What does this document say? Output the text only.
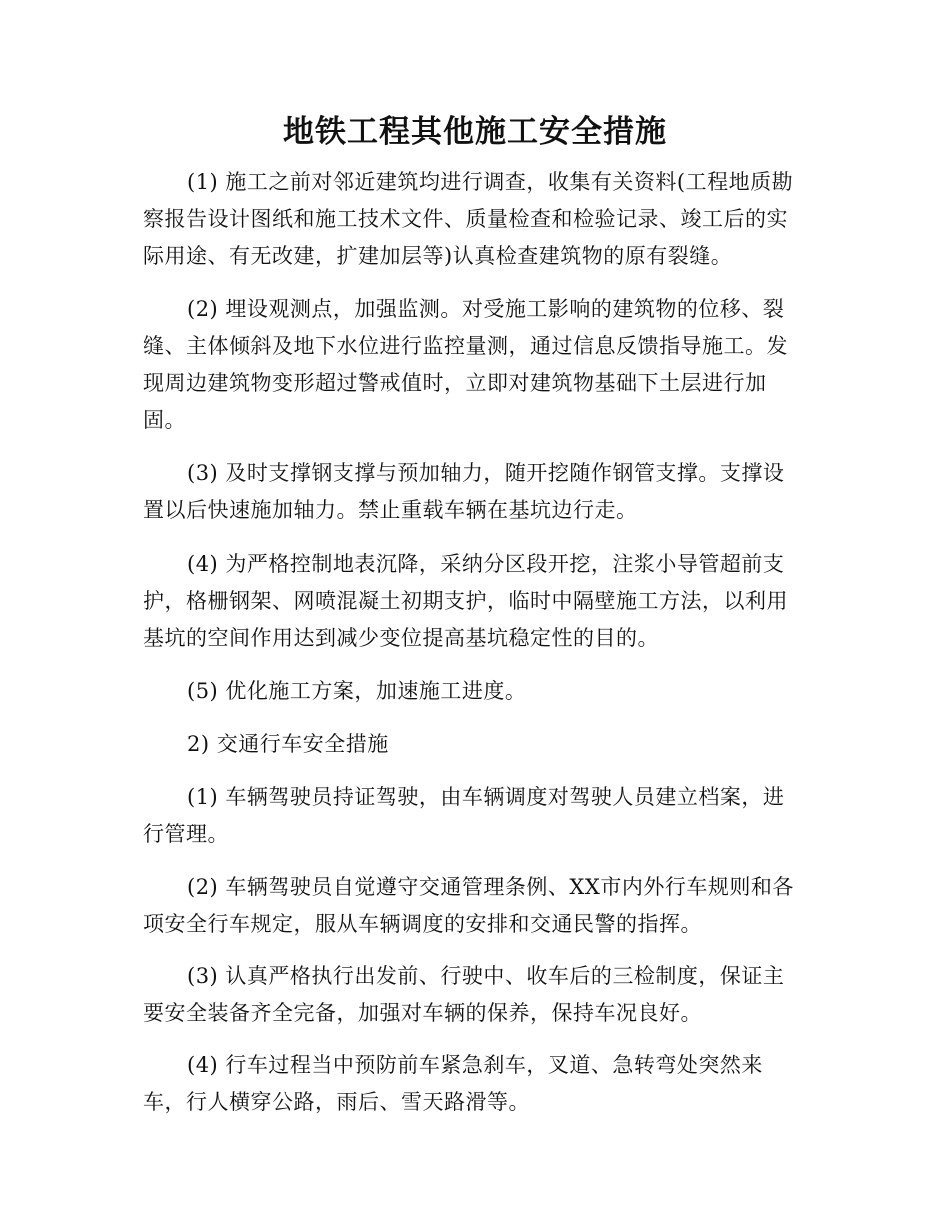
地铁工程其他施工安全措施

(1) 施工之前对邻近建筑均进行调查，收集有关资料(工程地质勘察报告设计图纸和施工技术文件、质量检查和检验记录、竣工后的实际用途、有无改建，扩建加层等)认真检查建筑物的原有裂缝。

(2) 埋设观测点，加强监测。对受施工影响的建筑物的位移、裂缝、主体倾斜及地下水位进行监控量测，通过信息反馈指导施工。发现周边建筑物变形超过警戒值时，立即对建筑物基础下土层进行加固。

(3) 及时支撑钢支撑与预加轴力，随开挖随作钢管支撑。支撑设置以后快速施加轴力。禁止重载车辆在基坑边行走。

(4) 为严格控制地表沉降，采纳分区段开挖，注浆小导管超前支护，格栅钢架、网喷混凝土初期支护，临时中隔壁施工方法，以利用基坑的空间作用达到减少变位提高基坑稳定性的目的。

(5) 优化施工方案，加速施工进度。

2) 交通行车安全措施

(1) 车辆驾驶员持证驾驶，由车辆调度对驾驶人员建立档案，进行管理。

(2) 车辆驾驶员自觉遵守交通管理条例、XX市内外行车规则和各项安全行车规定，服从车辆调度的安排和交通民警的指挥。

(3) 认真严格执行出发前、行驶中、收车后的三检制度，保证主要安全装备齐全完备，加强对车辆的保养，保持车况良好。

(4) 行车过程当中预防前车紧急刹车，叉道、急转弯处突然来车，行人横穿公路，雨后、雪天路滑等。
